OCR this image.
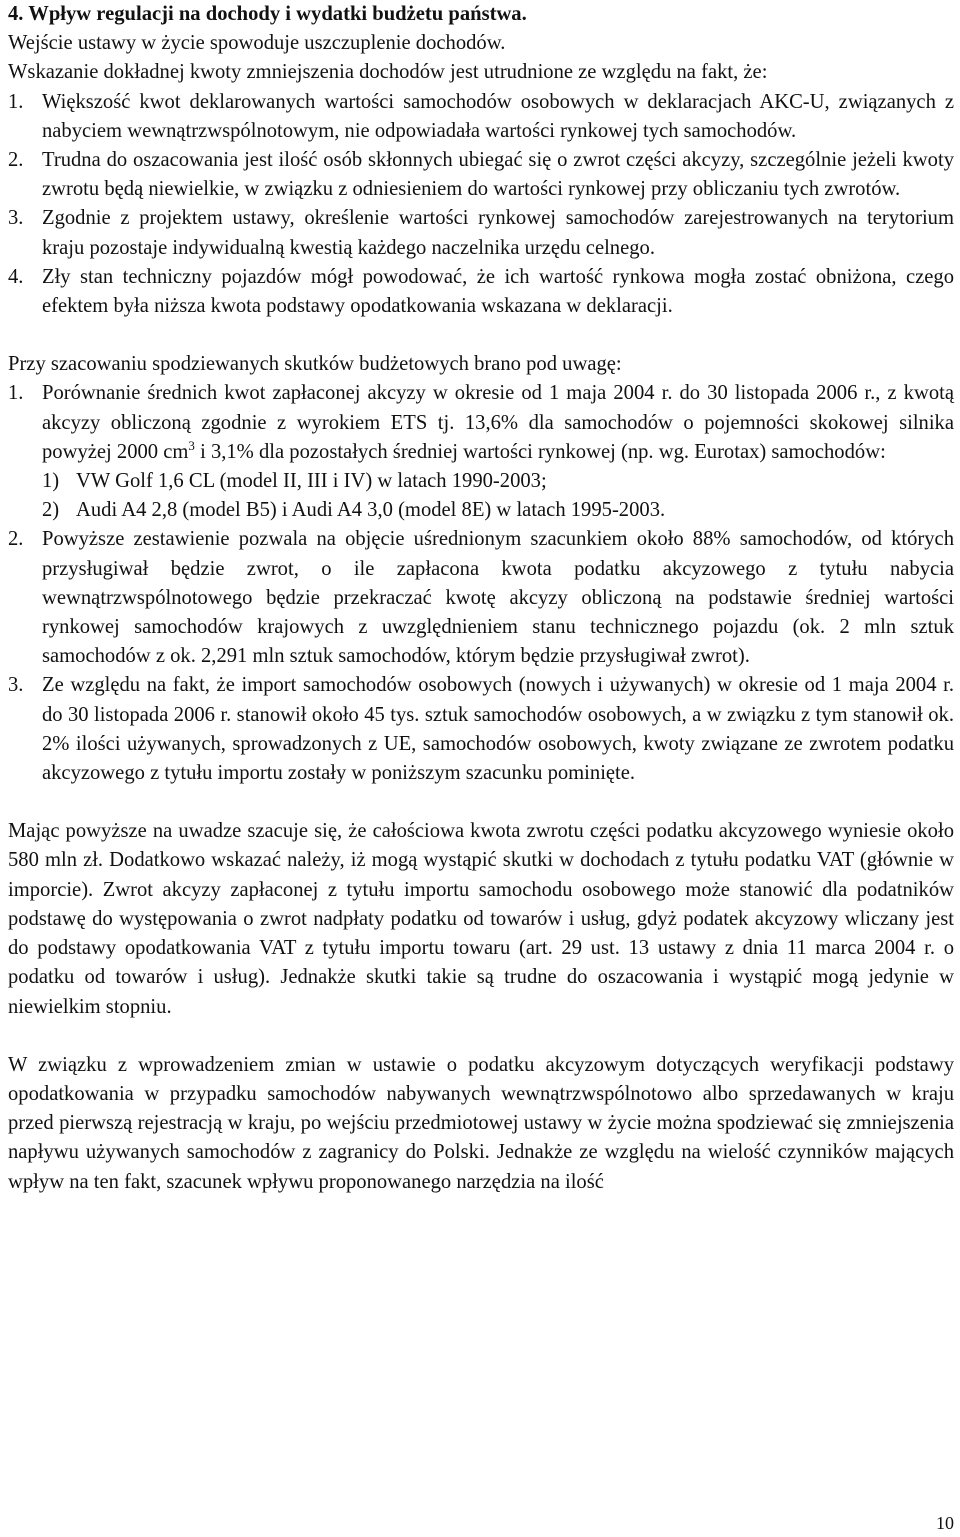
4. Wpływ regulacji na dochody i wydatki budżetu państwa.

Wejście ustawy w życie spowoduje uszczuplenie dochodów.

Wskazanie dokładnej kwoty zmniejszenia dochodów jest utrudnione ze względu na fakt, że:

1. Większość kwot deklarowanych wartości samochodów osobowych w deklaracjach AKC-U, związanych z nabyciem wewnątrzwspólnotowym, nie odpowiadała wartości rynkowej tych samochodów.

2. Trudna do oszacowania jest ilość osób skłonnych ubiegać się o zwrot części akcyzy, szczególnie jeżeli kwoty zwrotu będą niewielkie, w związku z odniesieniem do wartości rynkowej przy obliczaniu tych zwrotów.

3. Zgodnie z projektem ustawy, określenie wartości rynkowej samochodów zarejestrowanych na terytorium kraju pozostaje indywidualną kwestią każdego naczelnika urzędu celnego.

4. Zły stan techniczny pojazdów mógł powodować, że ich wartość rynkowa mogła zostać obniżona, czego efektem była niższa kwota podstawy opodatkowania wskazana w deklaracji.

Przy szacowaniu spodziewanych skutków budżetowych brano pod uwagę:

1. Porównanie średnich kwot zapłaconej akcyzy w okresie od 1 maja 2004 r. do 30 listopada 2006 r., z kwotą akcyzy obliczoną zgodnie z wyrokiem ETS tj. 13,6% dla samochodów o pojemności skokowej silnika powyżej 2000 $cm^3$ i 3,1% dla pozostałych średniej wartości rynkowej (np. wg. Eurotax) samochodów:

1) VW Golf 1,6 CL (model II, III i IV) w latach 1990-2003;

2) Audi A4 2,8 (model B5) i Audi A4 3,0 (model 8E) w latach 1995-2003.

2. Powyższe zestawienie pozwala na objęcie uśrednionym szacunkiem około 88% samochodów, od których przysługiwał będzie zwrot, o ile zapłacona kwota podatku akcyzowego z tytułu nabycia wewnątrzwspólnotowego będzie przekraczać kwotę akcyzy obliczoną na podstawie średniej wartości rynkowej samochodów krajowych z uwzględnieniem stanu technicznego pojazdu (ok. 2 mln sztuk samochodów z ok. 2,291 mln sztuk samochodów, którym będzie przysługiwał zwrot).

3. Ze względu na fakt, że import samochodów osobowych (nowych i używanych) w okresie od 1 maja 2004 r. do 30 listopada 2006 r. stanowił około 45 tys. sztuk samochodów osobowych, a w związku z tym stanowił ok. 2% ilości używanych, sprowadzonych z UE, samochodów osobowych, kwoty związane ze zwrotem podatku akcyzowego z tytułu importu zostały w poniższym szacunku pominięte.

Mając powyższe na uwadze szacuje się, że całościowa kwota zwrotu części podatku akcyzowego wyniesie około 580 mln zł. Dodatkowo wskazać należy, iż mogą wystąpić skutki w dochodach z tytułu podatku VAT (głównie w imporcie). Zwrot akcyzy zapłaconej z tytułu importu samochodu osobowego może stanowić dla podatników podstawę do występowania o zwrot nadpłaty podatku od towarów i usług, gdyż podatek akcyzowy wliczany jest do podstawy opodatkowania VAT z tytułu importu towaru (art. 29 ust. 13 ustawy z dnia 11 marca 2004 r. o podatku od towarów i usług). Jednakże skutki takie są trudne do oszacowania i wystąpić mogą jedynie w niewielkim stopniu.

W związku z wprowadzeniem zmian w ustawie o podatku akcyzowym dotyczących weryfikacji podstawy opodatkowania w przypadku samochodów nabywanych wewnątrzwspólnotowo albo sprzedawanych w kraju przed pierwszą rejestracją w kraju, po wejściu przedmiotowej ustawy w życie można spodziewać się zmniejszenia napływu używanych samochodów z zagranicy do Polski. Jednakże ze względu na wielość czynników mających wpływ na ten fakt, szacunek wpływu proponowanego narzędzia na ilość

10
